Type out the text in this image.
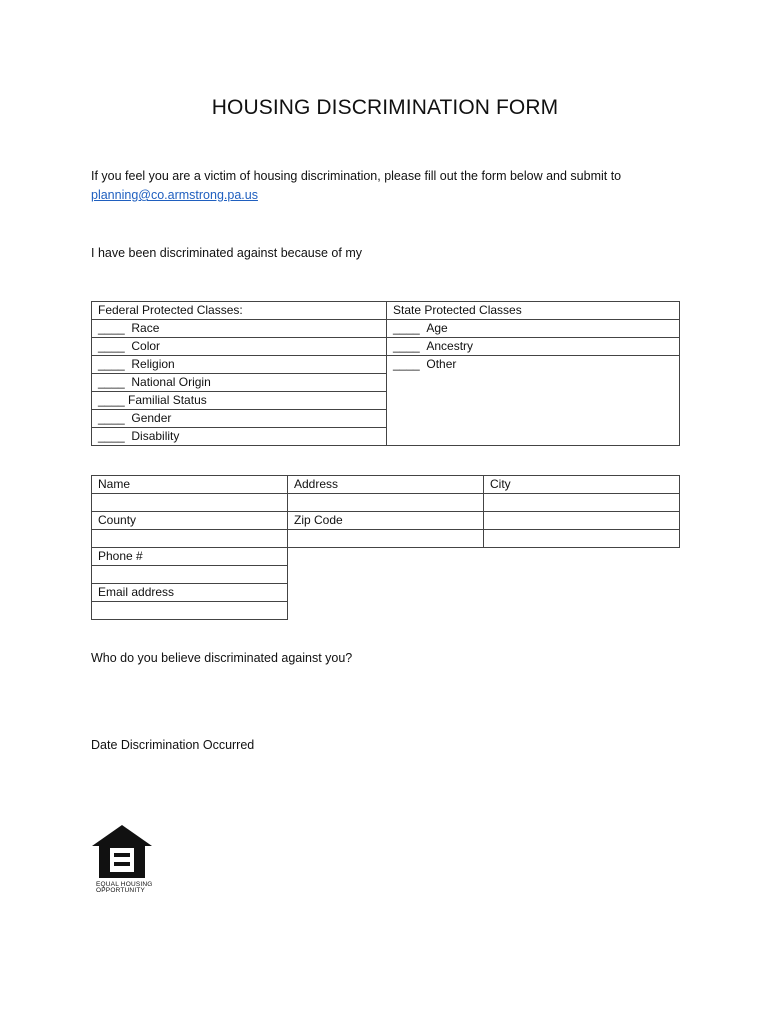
HOUSING DISCRIMINATION FORM
If you feel you are a victim of housing discrimination, please fill out the form below and submit to
planning@co.armstrong.pa.us
I have been discriminated against because of my
Federal Protected Classes:	State Protected Classes
____ Race	____ Age
____ Color	____ Ancestry
____ Religion	____ Other
____ National Origin	
____ Familial Status	
____ Gender	
____ Disability	
Name	Address	City

County	Zip Code	

Phone #		

Email address		

Who do you believe discriminated against you?
Date Discrimination Occurred
EQUAL HOUSING
OPPORTUNITY
